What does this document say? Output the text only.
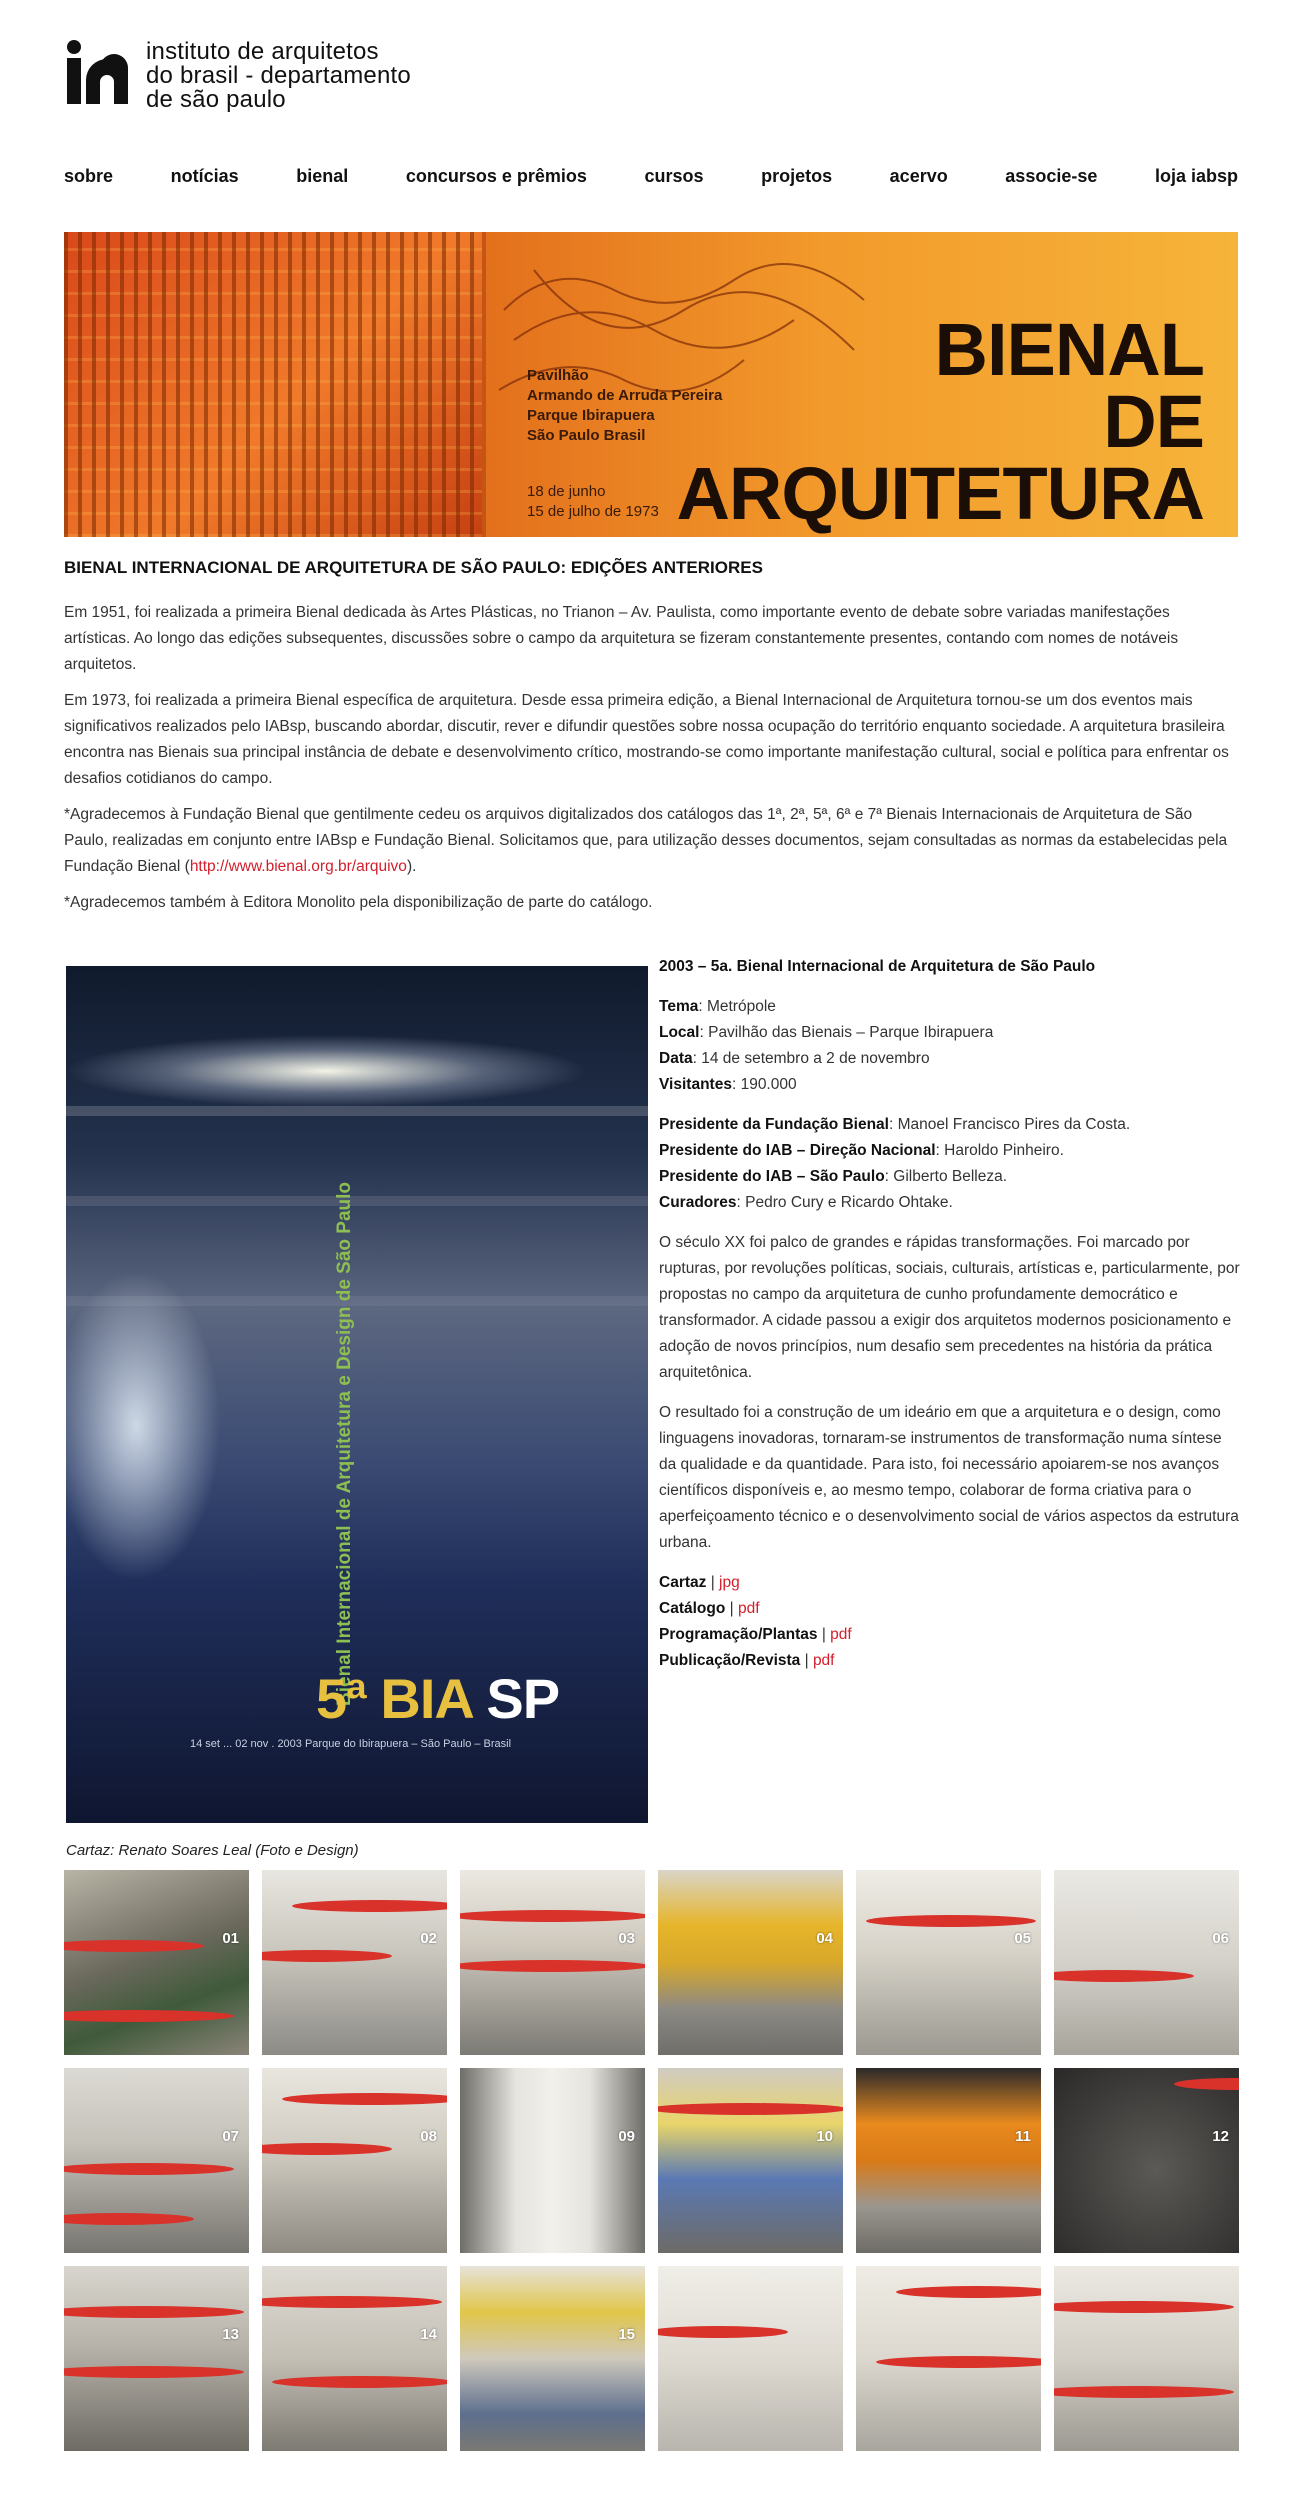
instituto de arquitetos
do brasil - departamento
de são paulo
sobre	notícias	bienal	concursos e prêmios	cursos	projetos	acervo	associe-se	loja iabsp
Pavilhão
Armando de Arruda Pereira
Parque Ibirapuera
São Paulo Brasil
18 de junho
15 de julho de 1973
BIENAL
DE
ARQUITETURA
BIENAL INTERNACIONAL DE ARQUITETURA DE SÃO PAULO: EDIÇÕES ANTERIORES

Em 1951, foi realizada a primeira Bienal dedicada às Artes Plásticas, no Trianon – Av. Paulista, como importante evento de debate sobre variadas manifestações artísticas. Ao longo das edições subsequentes, discussões sobre o campo da arquitetura se fizeram constantemente presentes, contando com nomes de notáveis arquitetos.

Em 1973, foi realizada a primeira Bienal específica de arquitetura. Desde essa primeira edição, a Bienal Internacional de Arquitetura tornou-se um dos eventos mais significativos realizados pelo IABsp, buscando abordar, discutir, rever e difundir questões sobre nossa ocupação do território enquanto sociedade. A arquitetura brasileira encontra nas Bienais sua principal instância de debate e desenvolvimento crítico, mostrando-se como importante manifestação cultural, social e política para enfrentar os desafios cotidianos do campo.

*Agradecemos à Fundação Bienal que gentilmente cedeu os arquivos digitalizados dos catálogos das 1ª, 2ª, 5ª, 6ª e 7ª Bienais Internacionais de Arquitetura de São Paulo, realizadas em conjunto entre IABsp e Fundação Bienal. Solicitamos que, para utilização desses documentos, sejam consultadas as normas da estabelecidas pela Fundação Bienal (http://www.bienal.org.br/arquivo).

*Agradecemos também à Editora Monolito pela disponibilização de parte do catálogo.

Bienal Internacional de Arquitetura e Design de São Paulo
5ª BIA SP
14 set ... 02 nov . 2003 Parque do Ibirapuera – São Paulo – Brasil
Cartaz: Renato Soares Leal (Foto e Design)
2003 – 5a. Bienal Internacional de Arquitetura de São Paulo
Tema: Metrópole
Local: Pavilhão das Bienais – Parque Ibirapuera
Data: 14 de setembro a 2 de novembro
Visitantes: 190.000
Presidente da Fundação Bienal: Manoel Francisco Pires da Costa.
Presidente do IAB – Direção Nacional: Haroldo Pinheiro.
Presidente do IAB – São Paulo: Gilberto Belleza.
Curadores: Pedro Cury e Ricardo Ohtake.

O século XX foi palco de grandes e rápidas transformações. Foi marcado por rupturas, por revoluções políticas, sociais, culturais, artísticas e, particularmente, por propostas no campo da arquitetura de cunho profundamente democrático e transformador. A cidade passou a exigir dos arquitetos modernos posicionamento e adoção de novos princípios, num desafio sem precedentes na história da prática arquitetônica.

O resultado foi a construção de um ideário em que a arquitetura e o design, como linguagens inovadoras, tornaram-se instrumentos de transformação numa síntese da qualidade e da quantidade. Para isto, foi necessário apoiarem-se nos avanços científicos disponíveis e, ao mesmo tempo, colaborar de forma criativa para o aperfeiçoamento técnico e o desenvolvimento social de vários aspectos da estrutura urbana.

Cartaz | jpg
Catálogo | pdf
Programação/Plantas | pdf
Publicação/Revista | pdf
01	02	03	04	05	06
07	08	09	10	11	12
13	14	15
